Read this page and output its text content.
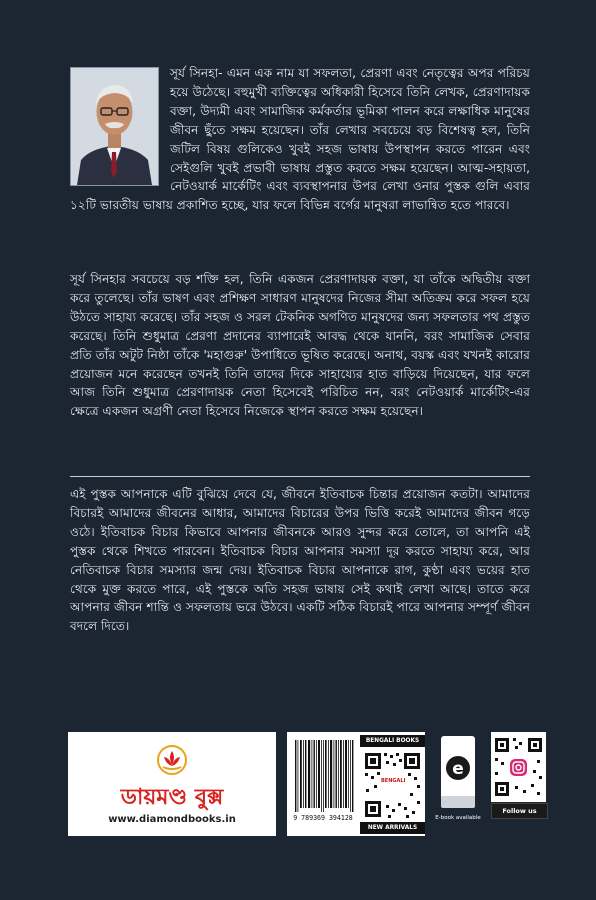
সূর্য সিনহা- এমন এক নাম যা সফলতা, প্রেরণা এবং নেতৃত্বের অপর পরিচয় হয়ে উঠেছে। বহুমুখী ব্যক্তিত্বের অধিকারী হিসেবে তিনি লেখক, প্রেরণাদায়ক বক্তা, উদ্যমী এবং সামাজিক কর্মকর্তার ভূমিকা পালন করে লক্ষাধিক মানুষের জীবন ছুঁতে সক্ষম হয়েছেন। তাঁর লেখার সবচেয়ে বড় বিশেষত্ব হল, তিনি জটিল বিষয় গুলিকেও খুবই সহজ ভাষায় উপস্থাপন করতে পারেন এবং সেইগুলি খুবই প্রভাবী ভাষায় প্রস্তুত করতে সক্ষম হয়েছেন। আত্ম-সহায়তা, নেটওয়ার্ক মার্কেটিং এবং ব্যবস্থাপনার উপর লেখা ওনার পুস্তক গুলি এবার ১২টি ভারতীয় ভাষায় প্রকাশিত হচ্ছে, যার ফলে বিভিন্ন বর্গের মানুষরা লাভান্বিত হতে পারবে।

সূর্য সিনহার সবচেয়ে বড় শক্তি হল, তিনি একজন প্রেরণাদায়ক বক্তা, যা তাঁকে অদ্বিতীয় বক্তা করে তুলেছে। তাঁর ভাষণ এবং প্রশিক্ষণ সাধারণ মানুষদের নিজের সীমা অতিক্রম করে সফল হয়ে উঠতে সাহায্য করেছে। তাঁর সহজ ও সরল টেকনিক অগণিত মানুষদের জন্য সফলতার পথ প্রস্তুত করেছে। তিনি শুধুমাত্র প্রেরণা প্রদানের ব্যাপারেই আবদ্ধ থেকে যাননি, বরং সামাজিক সেবার প্রতি তাঁর অটুট নিষ্ঠা তাঁকে 'মহাগুরু' উপাধিতে ভূষিত করেছে। অনাথ, বয়স্ক এবং যখনই কারোর প্রয়োজন মনে করেছেন তখনই তিনি তাদের দিকে সাহায্যের হাত বাড়িয়ে দিয়েছেন, যার ফলে আজ তিনি শুধুমাত্র প্রেরণাদায়ক নেতা হিসেবেই পরিচিত নন, বরং নেটওয়ার্ক মার্কেটিং-এর ক্ষেত্রে একজন অগ্রণী নেতা হিসেবে নিজেকে স্থাপন করতে সক্ষম হয়েছেন।

এই পুস্তক আপনাকে এটি বুঝিয়ে দেবে যে, জীবনে ইতিবাচক চিন্তার প্রয়োজন কতটা। আমাদের বিচারই আমাদের জীবনের আধার, আমাদের বিচারের উপর ভিত্তি করেই আমাদের জীবন গড়ে ওঠে। ইতিবাচক বিচার কিভাবে আপনার জীবনকে আরও সুন্দর করে তোলে, তা আপনি এই পুস্তক থেকে শিখতে পারবেন। ইতিবাচক বিচার আপনার সমস্যা দূর করতে সাহায্য করে, আর নেতিবাচক বিচার সমস্যার জন্ম দেয়। ইতিবাচক বিচার আপনাকে রাগ, কুণ্ঠা এবং ভয়ের হাত থেকে মুক্ত করতে পারে, এই পুস্তকে অতি সহজ ভাষায় সেই কথাই লেখা আছে। তাতে করে আপনার জীবন শান্তি ও সফলতায় ভরে উঠবে। একটি সঠিক বিচারই পারে আপনার সম্পূর্ণ জীবন বদলে দিতে।

ডায়মণ্ড বুক্স
www.diamondbooks.in	9 789369 394128
BENGALI BOOKS
BENGALI
NEW ARRIVALS
e
E-book available
Follow us
